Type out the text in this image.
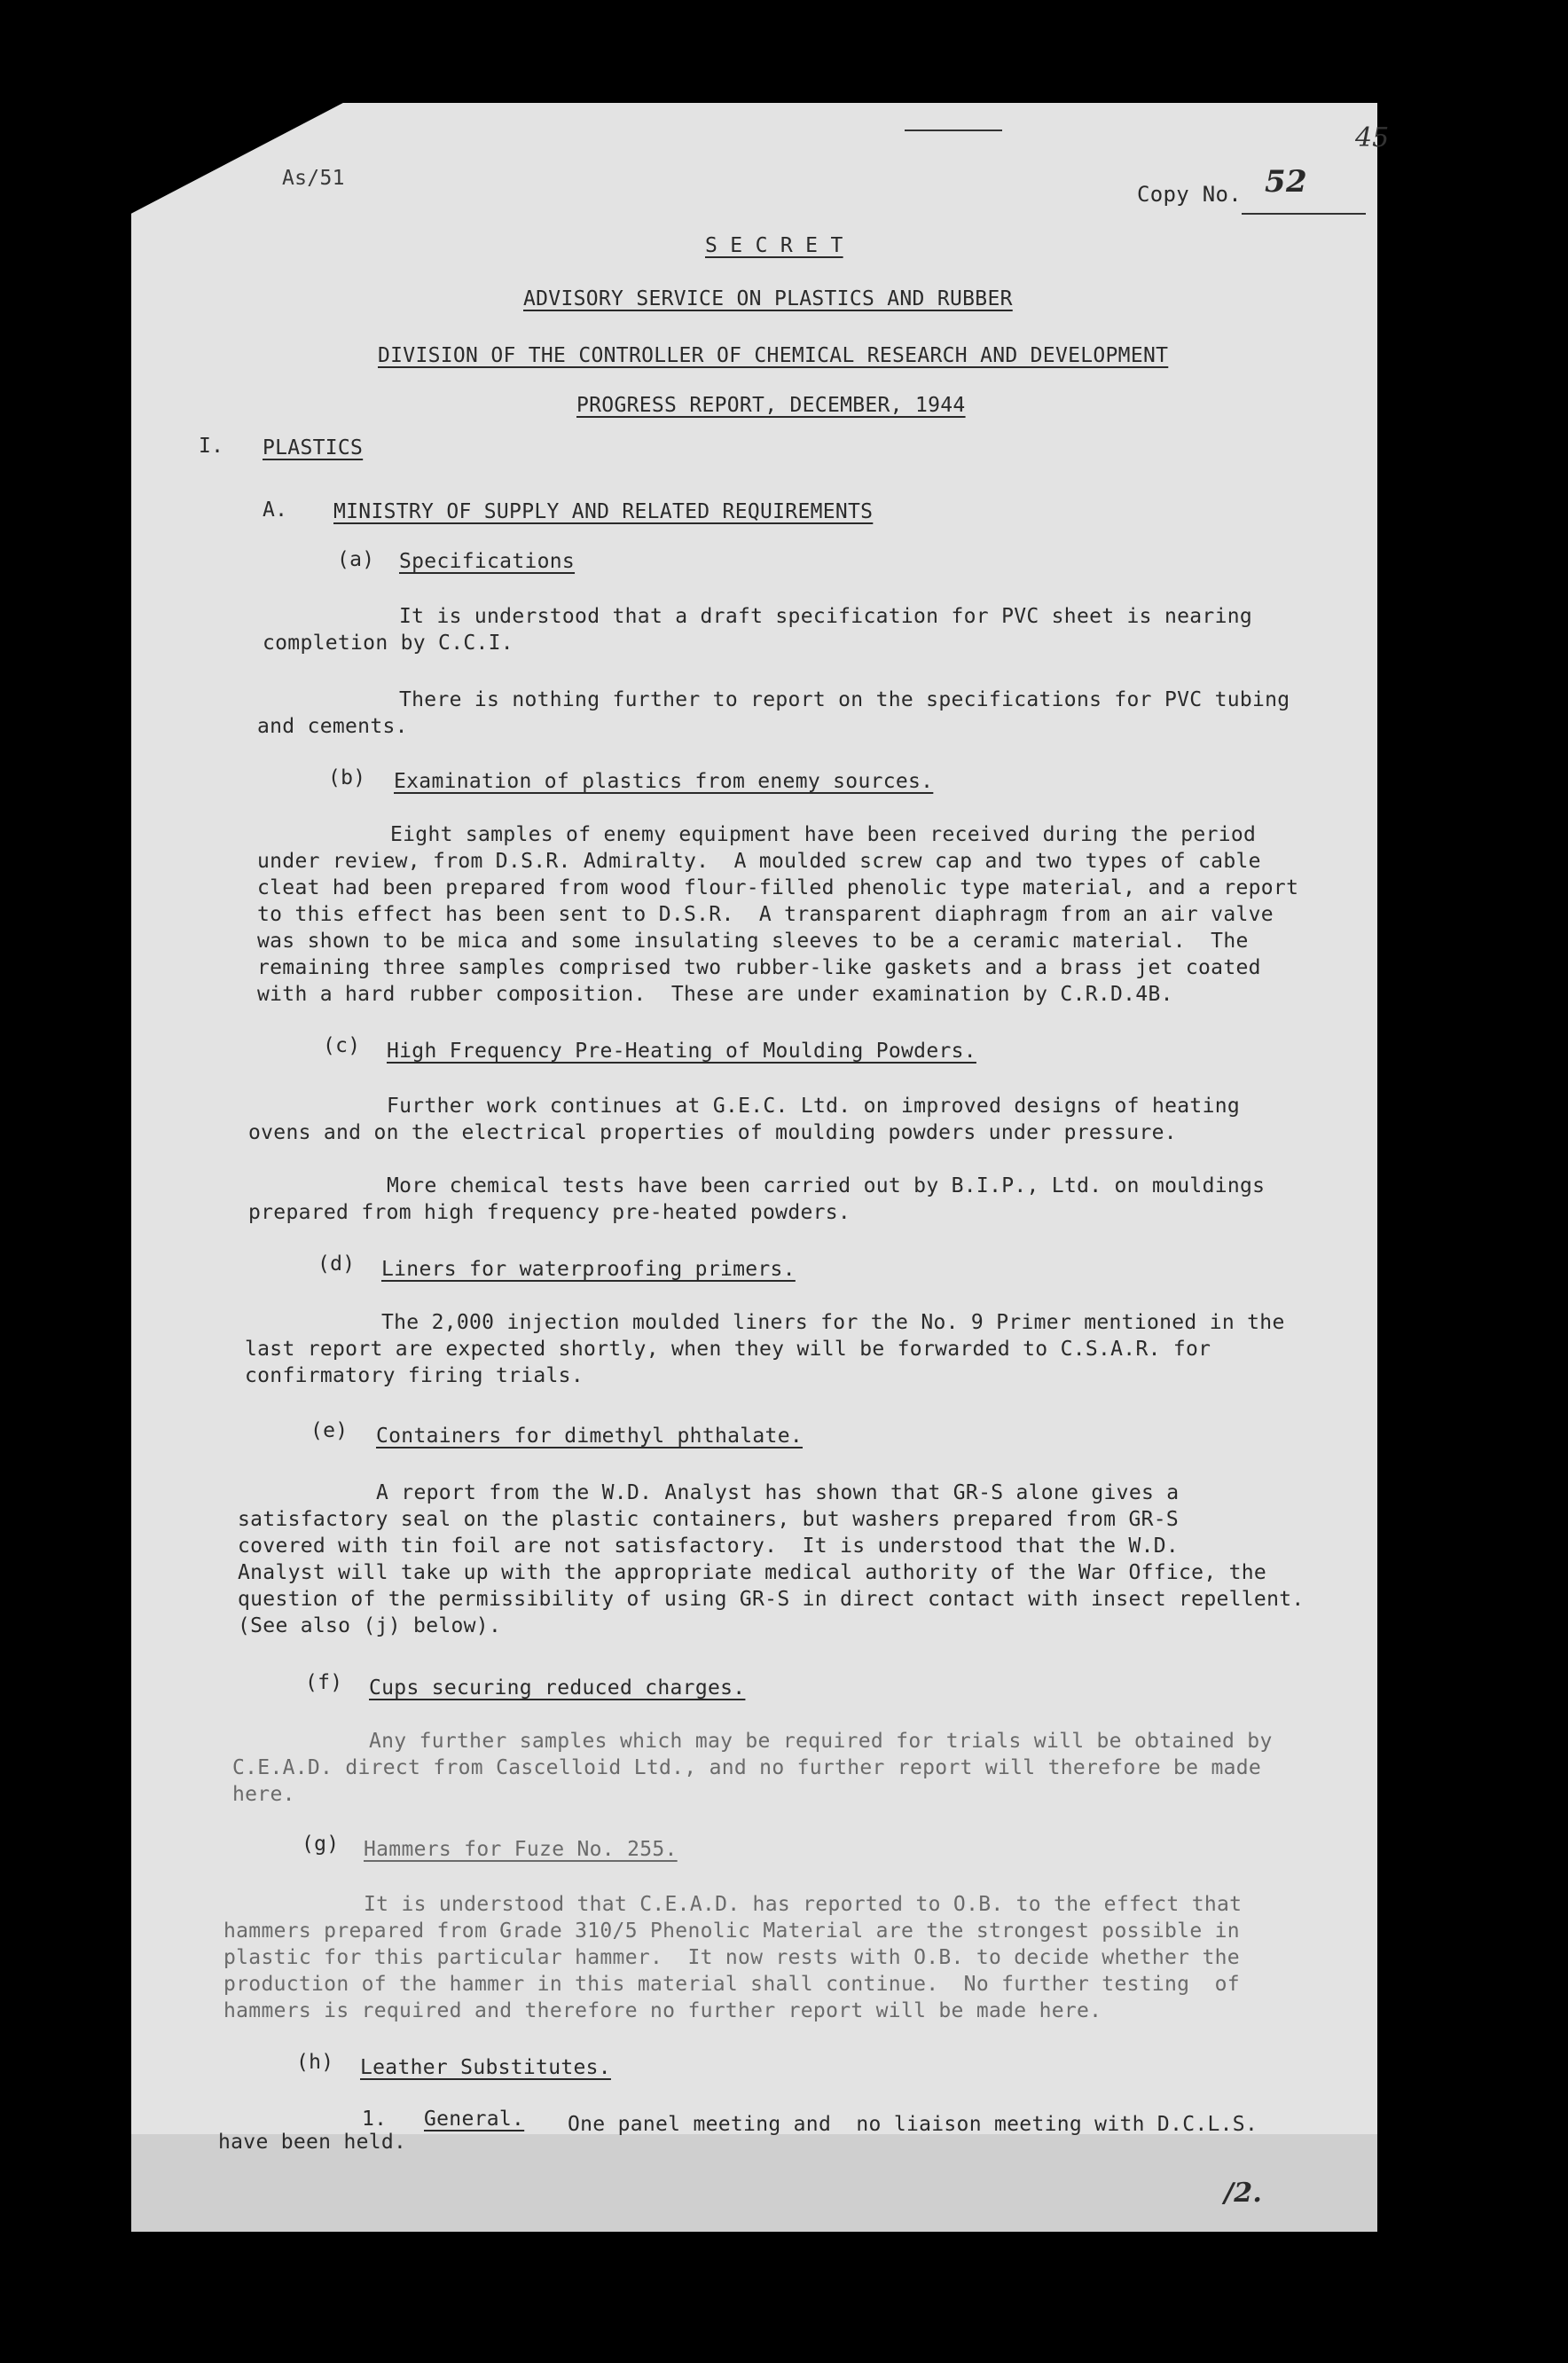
As/51
Copy No. 52
45
S E C R E T
ADVISORY SERVICE ON PLASTICS AND RUBBER
DIVISION OF THE CONTROLLER OF CHEMICAL RESEARCH AND DEVELOPMENT
PROGRESS REPORT, DECEMBER, 1944
I. PLASTICS
A. MINISTRY OF SUPPLY AND RELATED REQUIREMENTS
(a) Specifications
It is understood that a draft specification for PVC sheet is nearing
completion by C.C.I.
There is nothing further to report on the specifications for PVC tubing
and cements.
(b) Examination of plastics from enemy sources.
Eight samples of enemy equipment have been received during the period
under review, from D.S.R. Admiralty.  A moulded screw cap and two types of cable
cleat had been prepared from wood flour-filled phenolic type material, and a report
to this effect has been sent to D.S.R.  A transparent diaphragm from an air valve
was shown to be mica and some insulating sleeves to be a ceramic material.  The
remaining three samples comprised two rubber-like gaskets and a brass jet coated
with a hard rubber composition.  These are under examination by C.R.D.4B.
(c) High Frequency Pre-Heating of Moulding Powders.
Further work continues at G.E.C. Ltd. on improved designs of heating
ovens and on the electrical properties of moulding powders under pressure.
More chemical tests have been carried out by B.I.P., Ltd. on mouldings
prepared from high frequency pre-heated powders.
(d) Liners for waterproofing primers.
The 2,000 injection moulded liners for the No. 9 Primer mentioned in the
last report are expected shortly, when they will be forwarded to C.S.A.R. for
confirmatory firing trials.
(e) Containers for dimethyl phthalate.
A report from the W.D. Analyst has shown that GR-S alone gives a
satisfactory seal on the plastic containers, but washers prepared from GR-S
covered with tin foil are not satisfactory.  It is understood that the W.D.
Analyst will take up with the appropriate medical authority of the War Office, the
question of the permissibility of using GR-S in direct contact with insect repellent.
(See also (j) below).
(f) Cups securing reduced charges.
Any further samples which may be required for trials will be obtained by
C.E.A.D. direct from Cascelloid Ltd., and no further report will therefore be made
here.
(g) Hammers for Fuze No. 255.
It is understood that C.E.A.D. has reported to O.B. to the effect that
hammers prepared from Grade 310/5 Phenolic Material are the strongest possible in
plastic for this particular hammer.  It now rests with O.B. to decide whether the
production of the hammer in this material shall continue.  No further testing  of
hammers is required and therefore no further report will be made here.
(h) Leather Substitutes.
1. General. One panel meeting and  no liaison meeting with D.C.L.S.
have been held.
/2.
